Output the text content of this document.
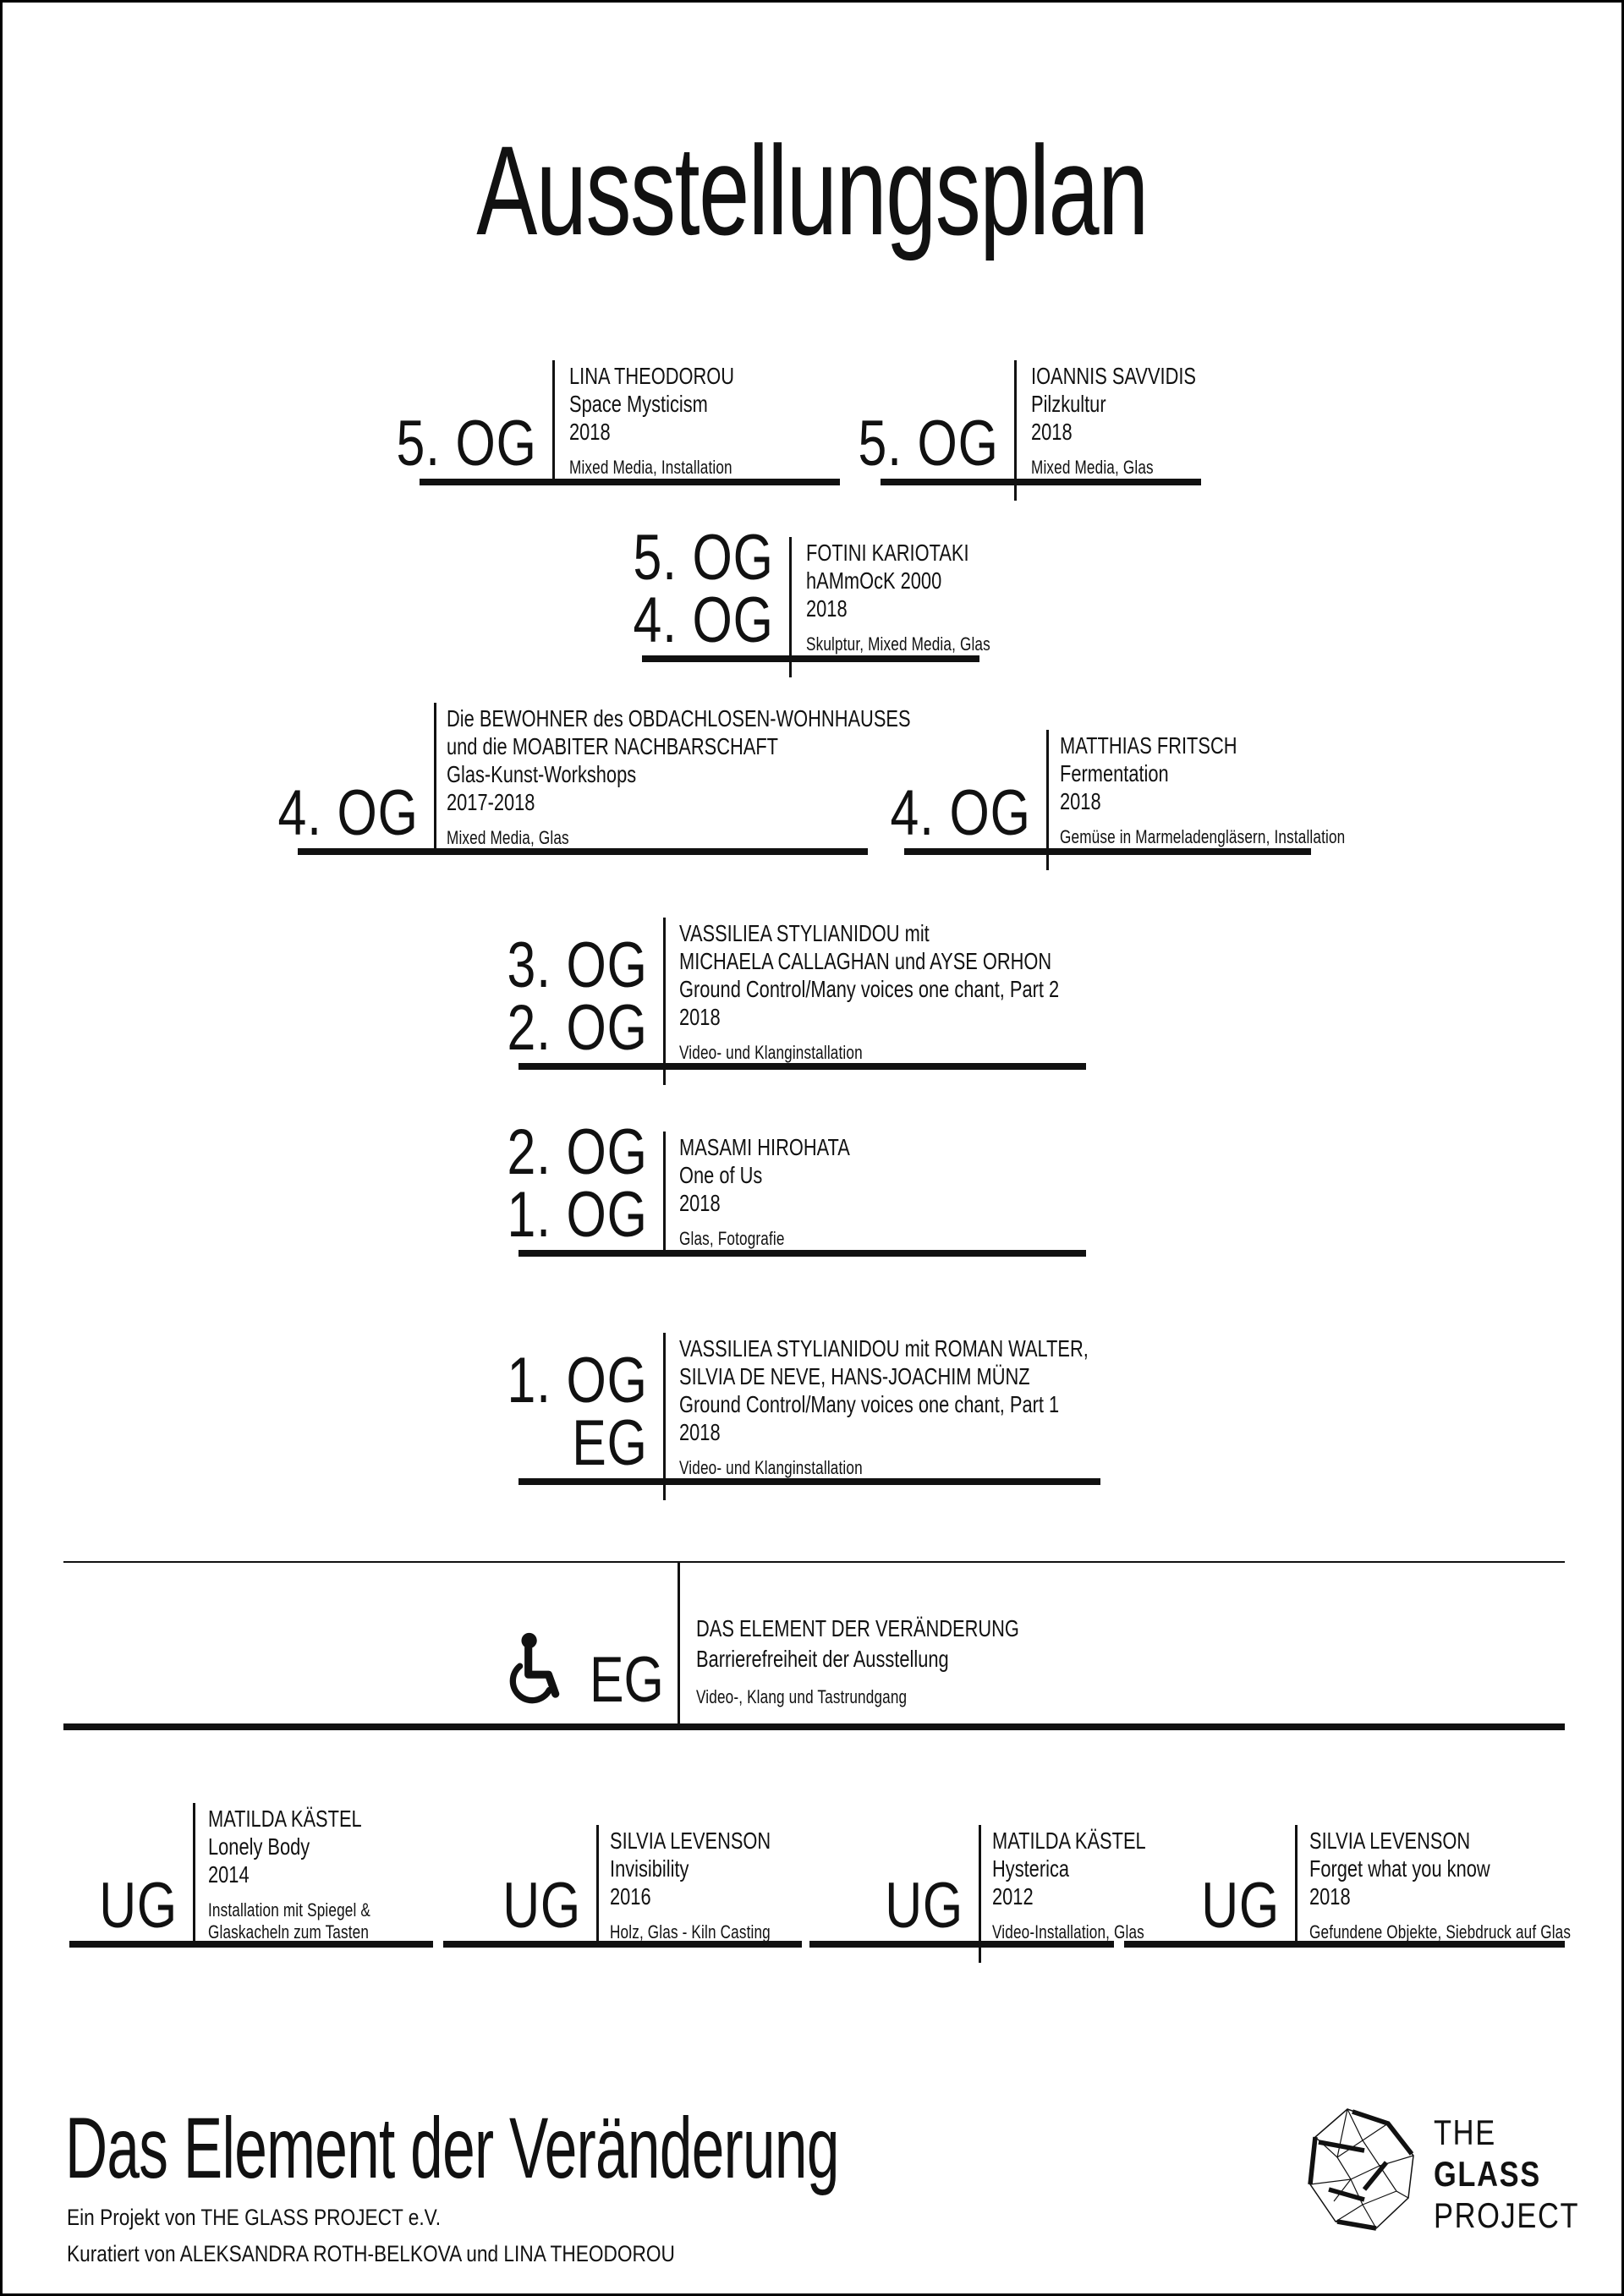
Ausstellungsplan
5. OG
LINA THEODOROU
Space Mysticism
2018
Mixed Media, Installation 5. OG
IOANNIS SAVVIDIS
Pilzkultur
2018
Mixed Media, Glas
5. OG
4. OG
FOTINI KARIOTAKI
hAMmOcK 2000
2018
Skulptur, Mixed Media, Glas
4. OG
Die BEWOHNER des OBDACHLOSEN-WOHNHAUSES
und die MOABITER NACHBARSCHAFT
Glas-Kunst-Workshops
2017-2018
Mixed Media, Glas	4. OG
MATTHIAS FRITSCH
Fermentation
2018
Gemüse in Marmeladengläsern, Installation
3. OG
2. OG
VASSILIEA STYLIANIDOU mit
MICHAELA CALLAGHAN und AYSE ORHON
Ground Control/Many voices one chant, Part 2
2018
Video- und Klanginstallation
2. OG
1. OG
MASAMI HIROHATA
One of Us
2018
Glas, Fotografie
1. OG
EG
VASSILIEA STYLIANIDOU mit ROMAN WALTER,
SILVIA DE NEVE, HANS-JOACHIM MÜNZ
Ground Control/Many voices one chant, Part 1
2018
Video- und Klanginstallation
EG
DAS ELEMENT DER VERÄNDERUNG
Barrierefreiheit der Ausstellung
Video-, Klang und Tastrundgang
UG
MATILDA KÄSTEL
Lonely Body
2014
Installation mit Spiegel &
Glaskacheln zum Tasten UG
SILVIA LEVENSON
Invisibility
2016
Holz, Glas - Kiln Casting UG
MATILDA KÄSTEL
Hysterica
2012
Video-Installation, Glas UG
SILVIA LEVENSON
Forget what you know
2018
Gefundene Objekte, Siebdruck auf Glas
Das Element der Veränderung
Ein Projekt von THE GLASS PROJECT e.V.
Kuratiert von ALEKSANDRA ROTH-BELKOVA und LINA THEODOROU
THE
GLASS
PROJECT
